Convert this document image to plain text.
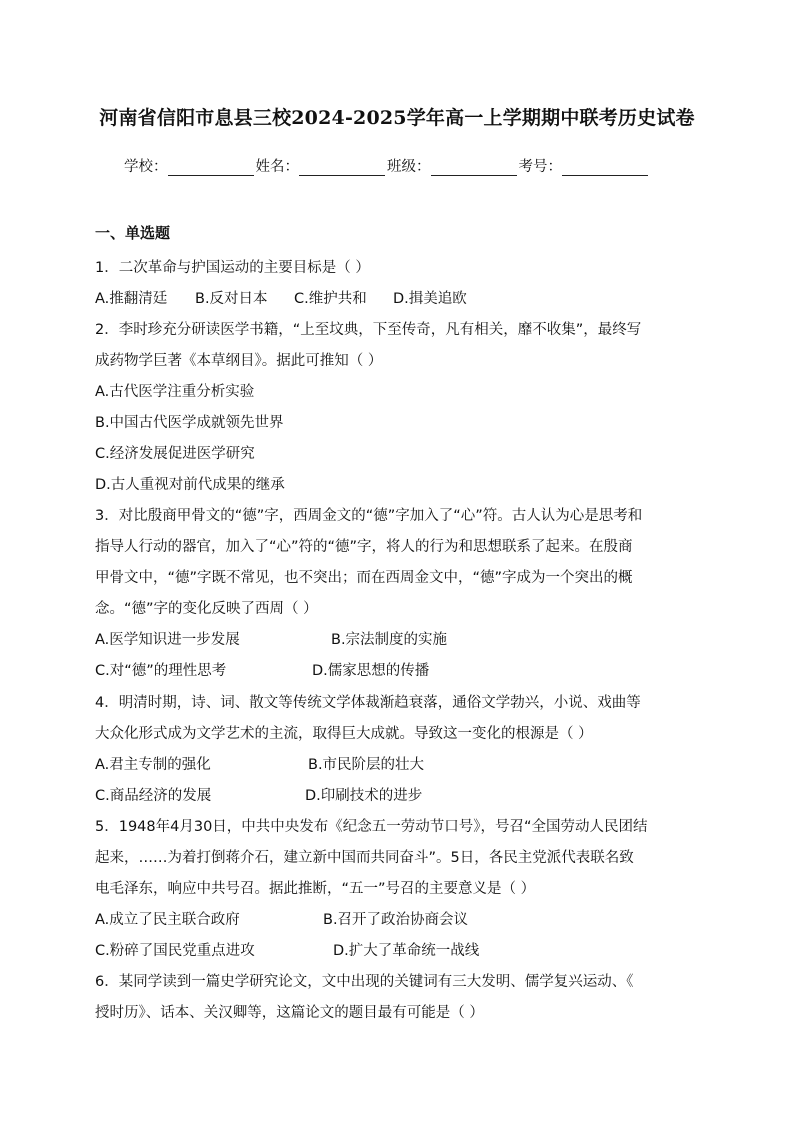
河南省信阳市息县三校2024-2025学年高一上学期期中联考历史试卷
学校：	姓名：	班级：	考号：
一、单选题
1．二次革命与护国运动的主要目标是（ ）
A.推翻清廷 B.反对日本 C.维护共和 D.揖美追欧
2．李时珍充分研读医学书籍，“上至坟典，下至传奇，凡有相关，靡不收集”，最终写
成药物学巨著《本草纲目》。据此可推知（ ）
A.古代医学注重分析实验
B.中国古代医学成就领先世界
C.经济发展促进医学研究
D.古人重视对前代成果的继承
3．对比殷商甲骨文的“德”字，西周金文的“德”字加入了“心”符。古人认为心是思考和
指导人行动的器官，加入了“心”符的“德”字，将人的行为和思想联系了起来。在殷商
甲骨文中，“德”字既不常见，也不突出；而在西周金文中，“德”字成为一个突出的概
念。“德”字的变化反映了西周（ ）
A.医学知识进一步发展	B.宗法制度的实施
C.对“德”的理性思考	D.儒家思想的传播
4．明清时期，诗、词、散文等传统文学体裁渐趋衰落，通俗文学勃兴，小说、戏曲等
大众化形式成为文学艺术的主流，取得巨大成就。导致这一变化的根源是（ ）
A.君主专制的强化	B.市民阶层的壮大
C.商品经济的发展	D.印刷技术的进步
5．1948年4月30日，中共中央发布《纪念五一劳动节口号》，号召“全国劳动人民团结
起来，……为着打倒蒋介石，建立新中国而共同奋斗”。5日，各民主党派代表联名致
电毛泽东，响应中共号召。据此推断，“五一”号召的主要意义是（ ）
A.成立了民主联合政府	B.召开了政治协商会议
C.粉碎了国民党重点进攻	D.扩大了革命统一战线
6．某同学读到一篇史学研究论文，文中出现的关键词有三大发明、儒学复兴运动、《
授时历》、话本、关汉卿等，这篇论文的题目最有可能是（ ）
